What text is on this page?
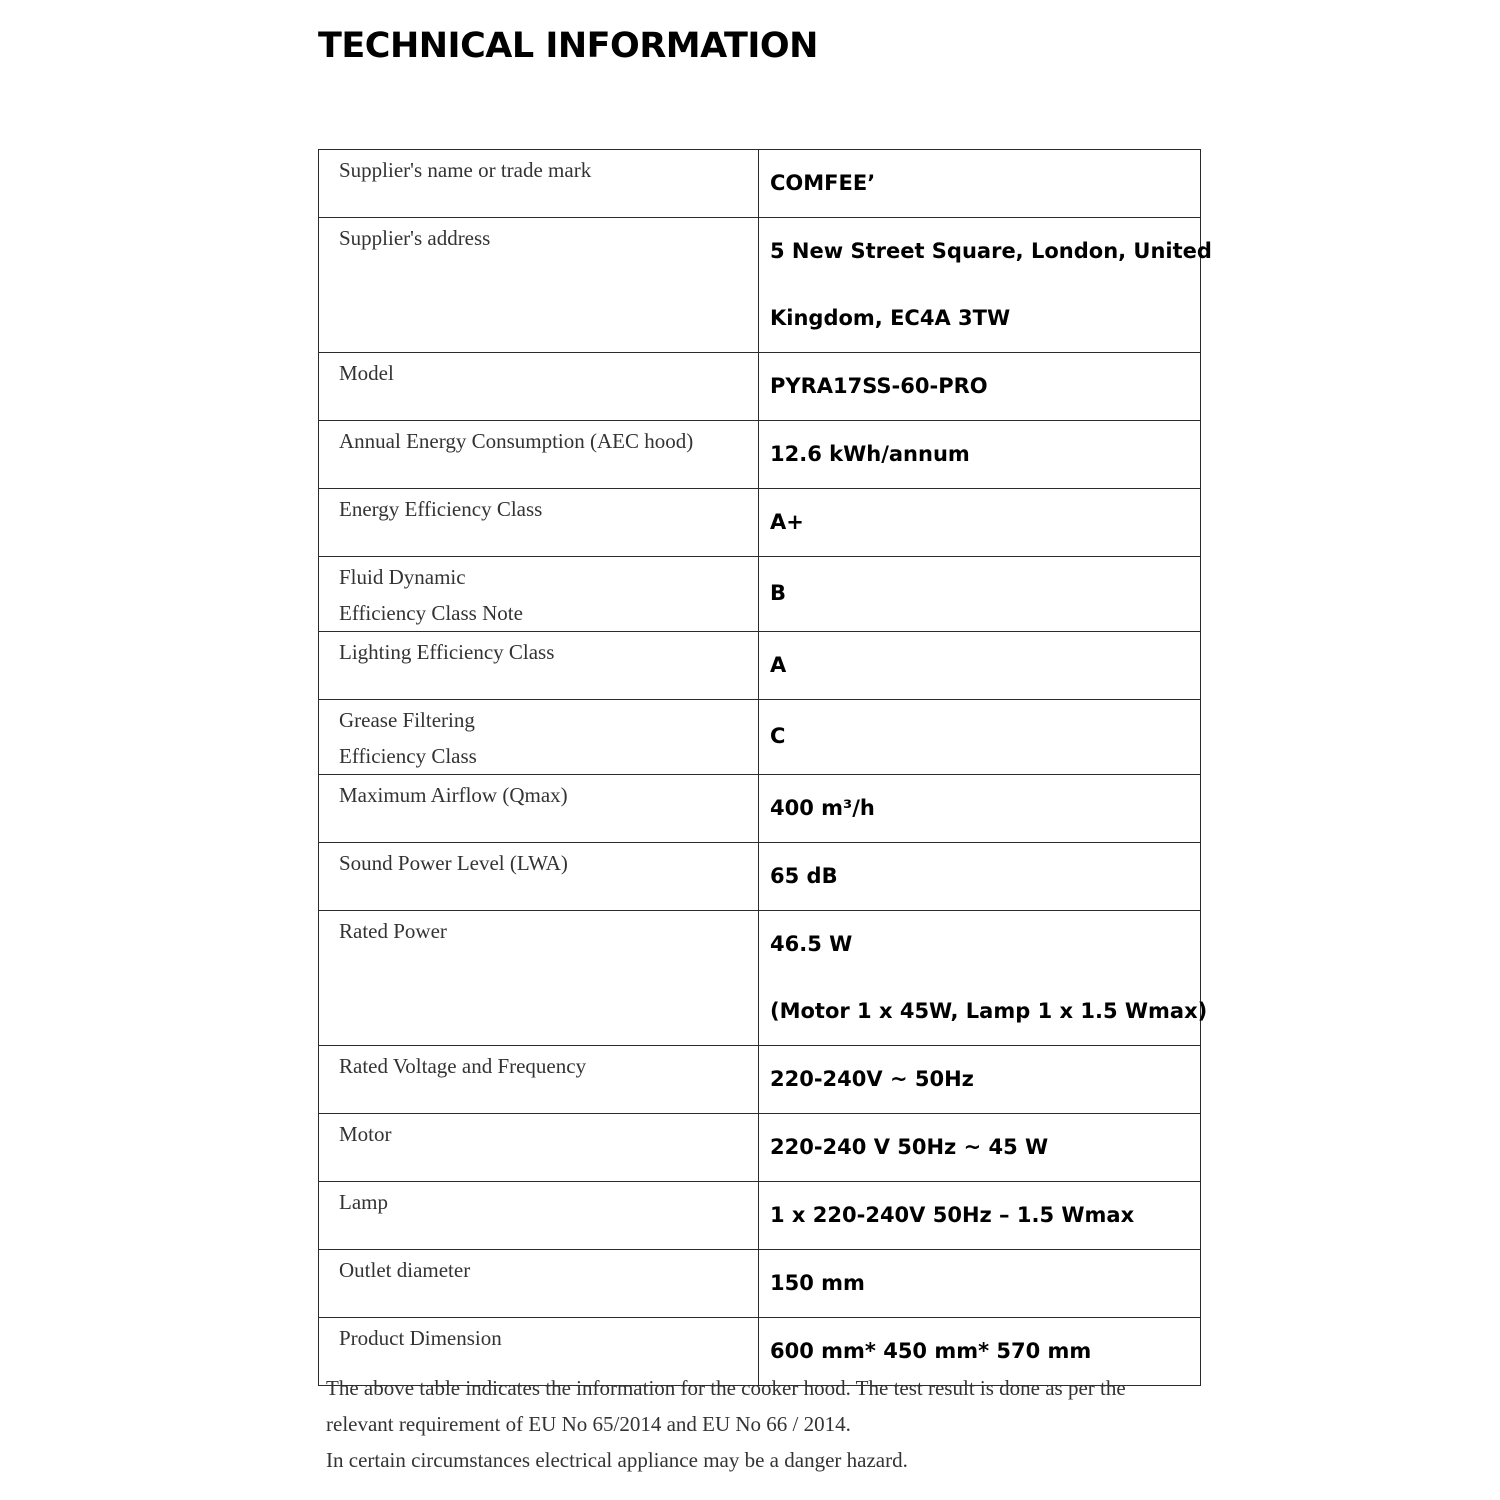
TECHNICAL INFORMATION
Supplier's name or trade mark	COMFEE’

Supplier's address	5 New Street Square, London, United
Kingdom, EC4A 3TW

Model	PYRA17SS-60-PRO

Annual Energy Consumption (AEC hood)	12.6 kWh/annum

Energy Efficiency Class	A+

Fluid Dynamic
Efficiency Class Note	B

Lighting Efficiency Class	A

Grease Filtering
Efficiency Class	C

Maximum Airflow (Qmax)	400 m³/h

Sound Power Level (LWA)	65 dB

Rated Power	46.5 W
(Motor 1 x 45W, Lamp 1 x 1.5 Wmax)

Rated Voltage and Frequency	220-240V ~ 50Hz

Motor	220-240 V 50Hz ~ 45 W

Lamp	1 x 220-240V 50Hz – 1.5 Wmax

Outlet diameter	150 mm

Product Dimension	600 mm* 450 mm* 570 mm

The above table indicates the information for the cooker hood. The test result is done as per the

relevant requirement of EU No 65/2014 and EU No 66 / 2014.

In certain circumstances electrical appliance may be a danger hazard.
